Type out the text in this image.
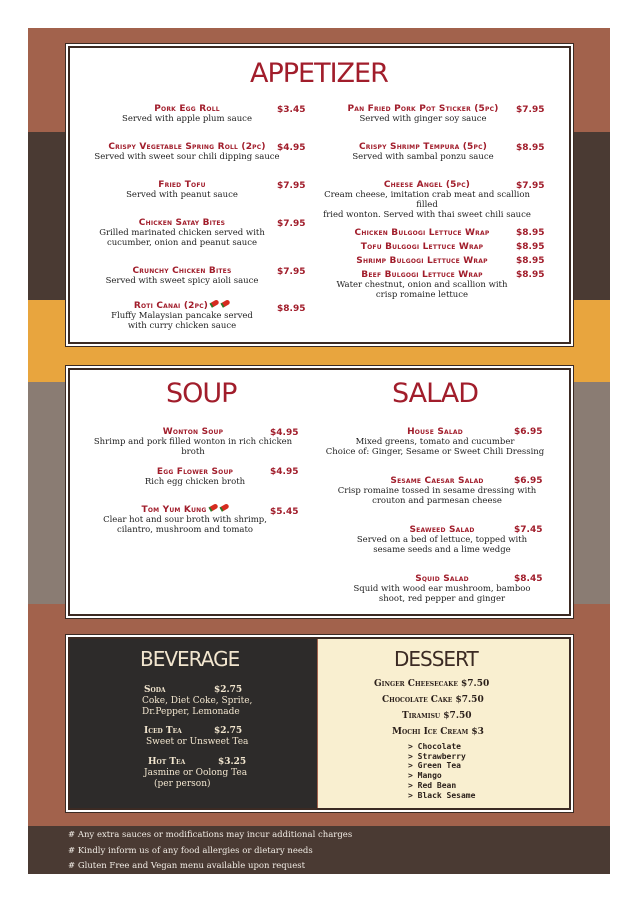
APPETIZER
Pork Egg Roll
Served with apple plum sauce
$3.45
Crispy Vegetable Spring Roll (2pc)
Served with sweet sour chili dipping sauce
$4.95
Fried Tofu
Served with peanut sauce
$7.95
Chicken Satay Bites
Grilled marinated chicken served with
cucumber, onion and peanut sauce
$7.95
Crunchy Chicken Bites
Served with sweet spicy aioli sauce
$7.95
Roti Canai (2pc)
Fluffy Malaysian pancake served
with curry chicken sauce
$8.95
Pan Fried Pork Pot Sticker (5pc)
Served with ginger soy sauce
$7.95
Crispy Shrimp Tempura (5pc)
Served with sambal ponzu sauce
$8.95
Cheese Angel (5pc)
Cream cheese, imitation crab meat and scallion filled
fried wonton. Served with thai sweet chili sauce
$7.95
Chicken Bulgogi Lettuce Wrap	$8.95
Tofu Bulgogi Lettuce Wrap	$8.95
Shrimp Bulgogi Lettuce Wrap	$8.95
Beef Bulgogi Lettuce Wrap
Water chestnut, onion and scallion with
crisp romaine lettuce
$8.95
SOUP	SALAD
Wonton Soup
Shrimp and pork filled wonton in rich chicken broth
$4.95
Egg Flower Soup
Rich egg chicken broth
$4.95
Tom Yum Kung
Clear hot and sour broth with shrimp,
cilantro, mushroom and tomato
$5.45
House Salad
Mixed greens, tomato and cucumber
Choice of: Ginger, Sesame or Sweet Chili Dressing
$6.95
Sesame Caesar Salad
Crisp romaine tossed in sesame dressing with
crouton and parmesan cheese
$6.95
Seaweed Salad
Served on a bed of lettuce, topped with
sesame seeds and a lime wedge
$7.45
Squid Salad
Squid with wood ear mushroom, bamboo
shoot, red pepper and ginger
$8.45
BEVERAGE
Soda	$2.75
Coke, Diet Coke, Sprite,
Dr.Pepper, Lemonade
Iced Tea	$2.75
Sweet or Unsweet Tea
Hot Tea	$3.25
Jasmine or Oolong Tea
(per person)
DESSERT
Ginger Cheesecake $7.50
Chocolate Cake $7.50
Tiramisu $7.50
Mochi Ice Cream $3
> Chocolate
> Strawberry
> Green Tea
> Mango
> Red Bean
> Black Sesame
# Any extra sauces or modifications may incur additional charges
# Kindly inform us of any food allergies or dietary needs
# Gluten Free and Vegan menu available upon request
